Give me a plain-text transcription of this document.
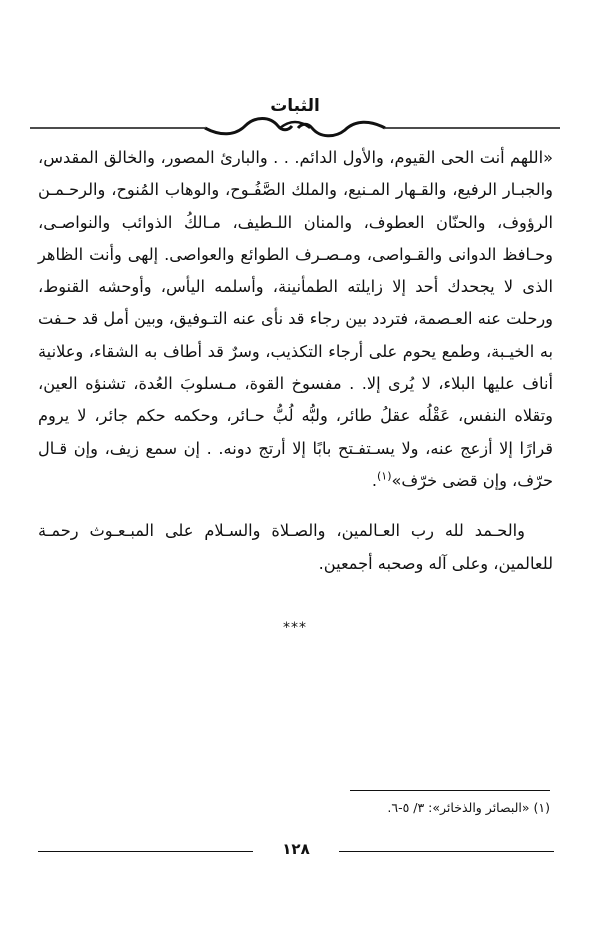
الثبات

«اللهم أنت الحى القيوم، والأول الدائم. . . والبارئ المصور، والخالق المقدس، والجبـار الرفيع، والقـهار المـنيع، والملك الصَّفُـوح، والوهاب المُنوح، والرحـمـن الرؤوف، والحنّان العطوف، والمنان اللـطيف، مـالكُ الذوائب والنواصـى، وحـافظ الدوانى والقـواصى، ومـصـرف الطوائع والعواصى. إلهى وأنت الظاهر الذى لا يجحدك أحد إلا زايلته الطمأنينة، وأسلمه اليأس، وأوحشه القنوط، ورحلت عنه العـصمة، فتردد بين رجاء قد نأى عنه التـوفيق، وبين أمل قد حـفت به الخيـبة، وطمع يحوم على أرجاء التكذيب، وسرٌ قد أطاف به الشقاء، وعلانية أناف عليها البلاء، لا يُرى إلا. . مفسوخ القوة، مـسلوبَ العُدة، تشنؤه العين، وتقلاه النفس، عَقْلُه عقلُ طائر، ولبُّه لُبُّ حـائر، وحكمه حكم جائر، لا يروم قرارًا إلا أزعج عنه، ولا يسـتفـتح بابًا إلا أرتج دونه. . إن سمع زيف، وإن قـال حرّف، وإن قضى خرّف»$^{(١)}$.

والحـمد لله رب العـالمين، والصـلاة والسـلام على المبـعـوث رحمـة للعالمين، وعلى آله وصحبه أجمعين.

***
(١) «البصائر والذخائر»: ٣/ ٥-٦.
١٢٨
